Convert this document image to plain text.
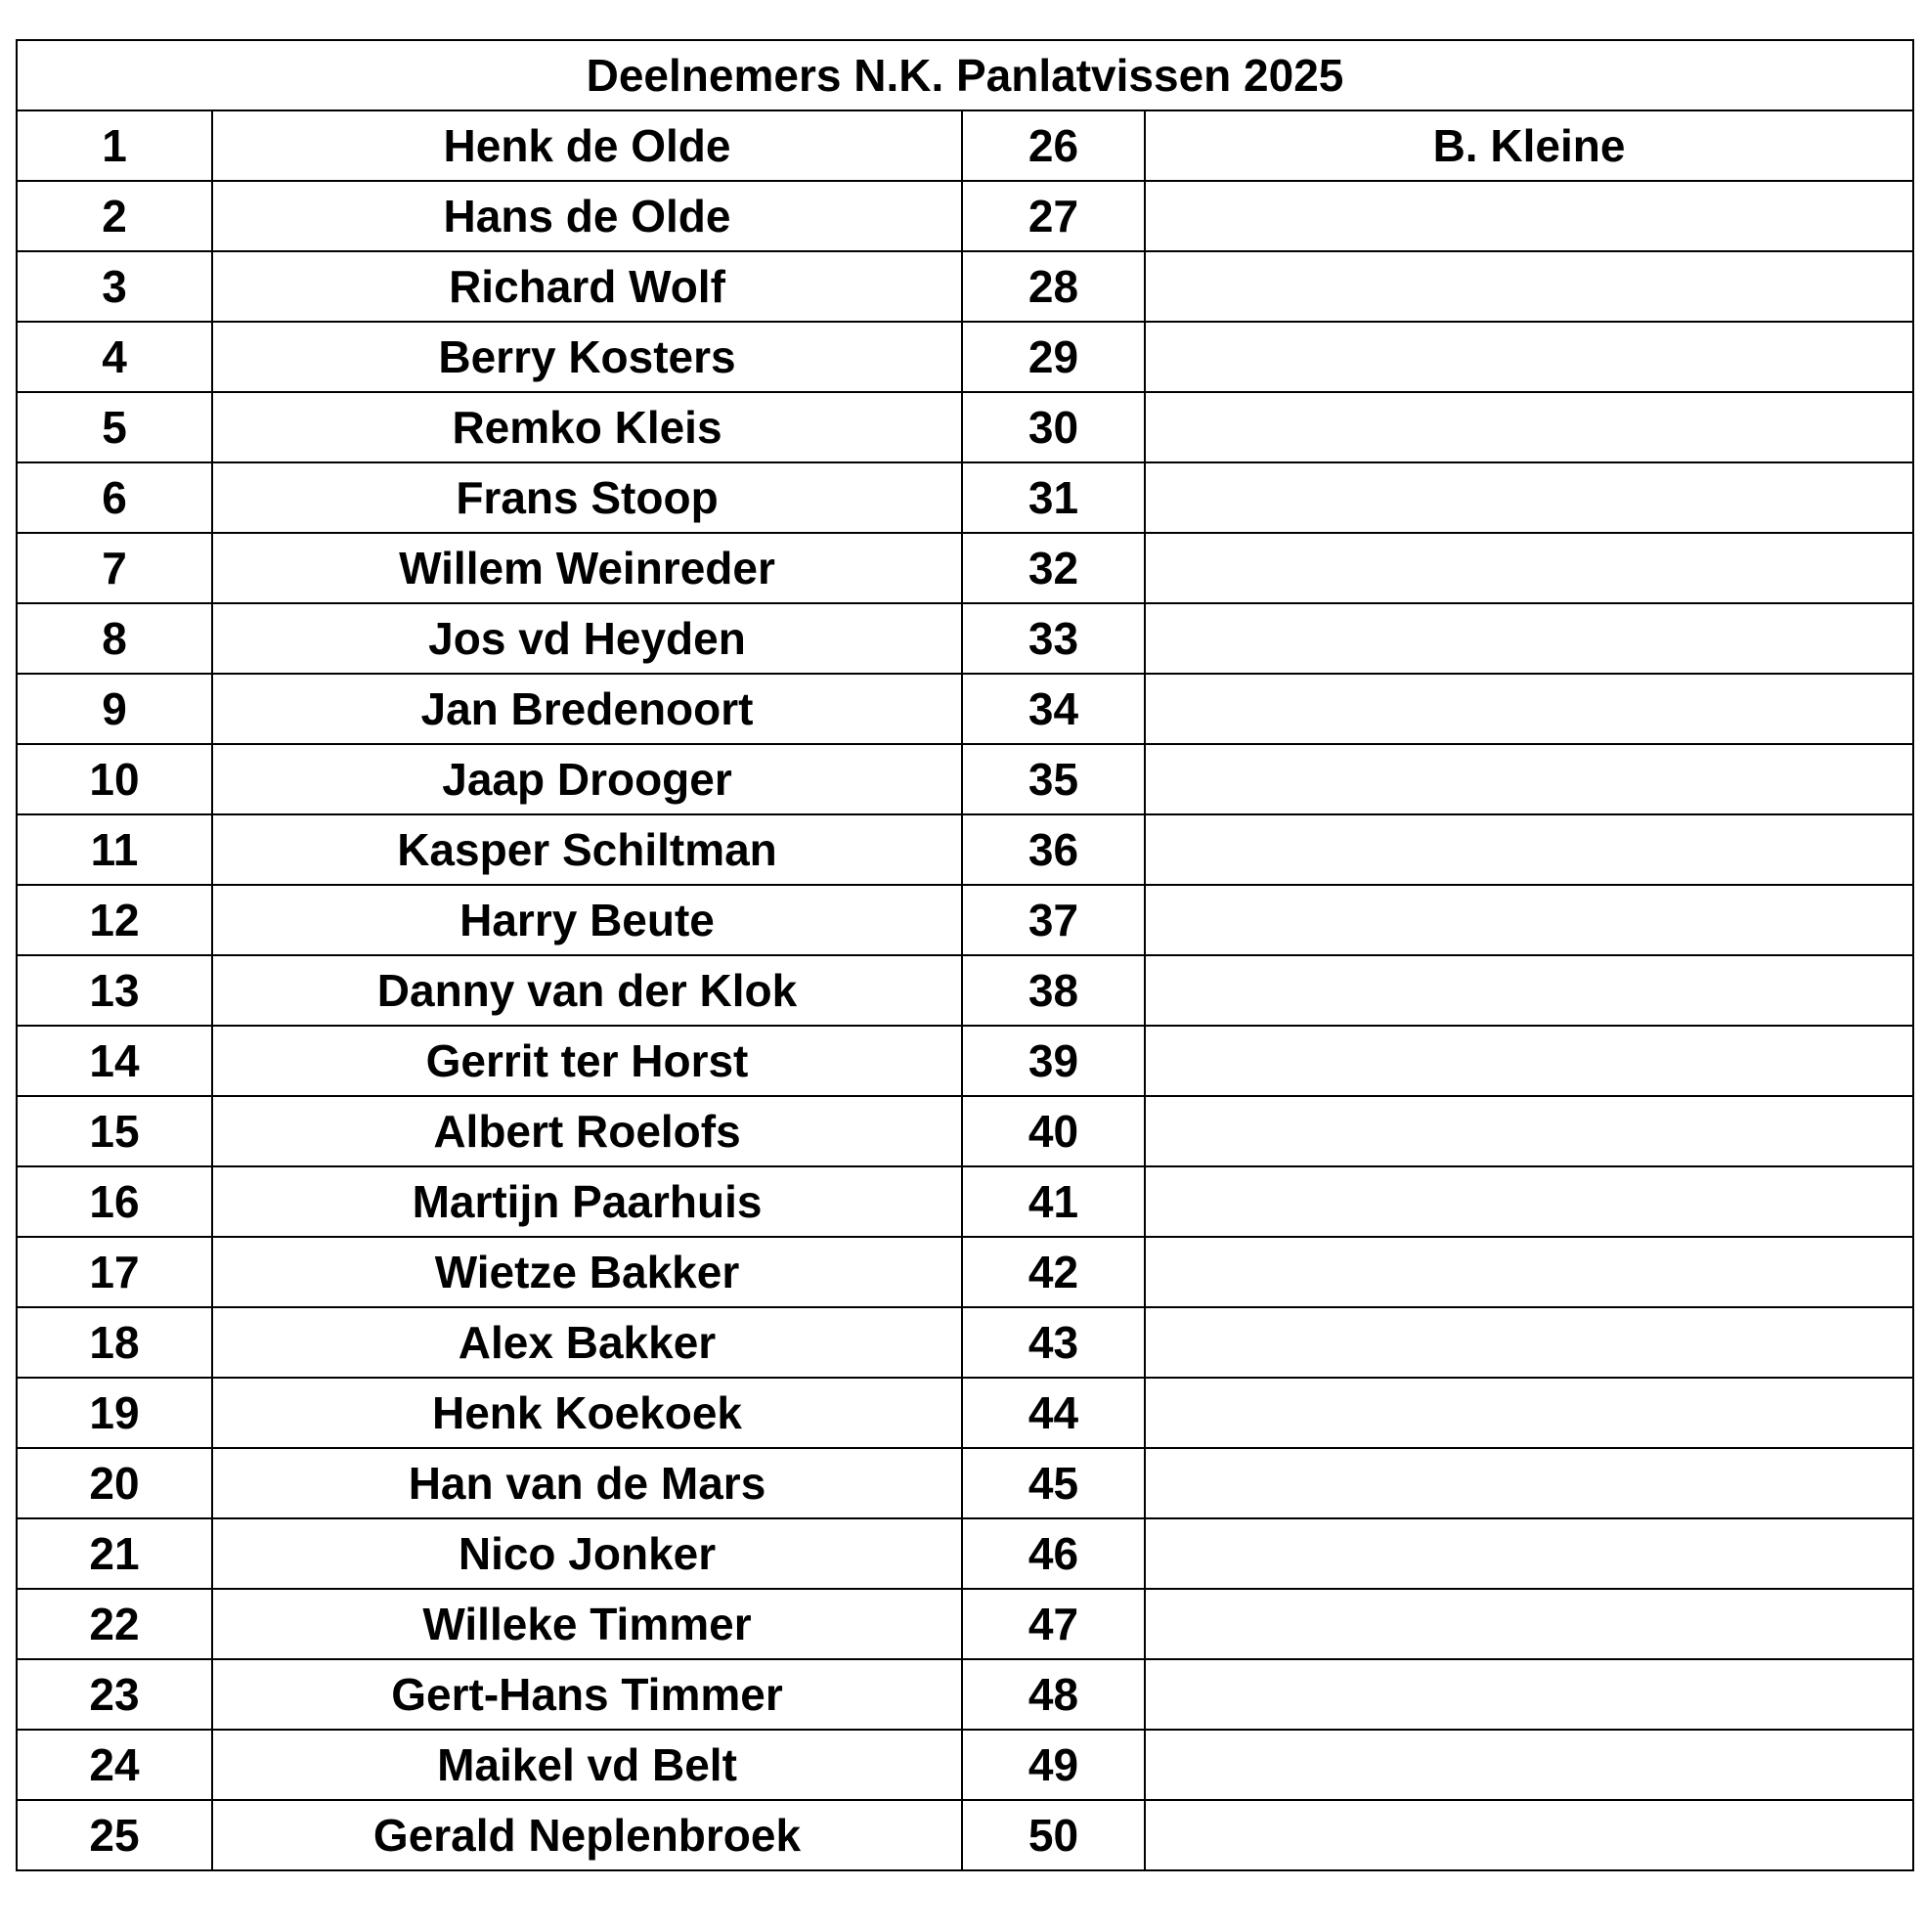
Deelnemers N.K. Panlatvissen 2025			
1	Henk de Olde	26	B. Kleine
2	Hans de Olde	27	
3	Richard Wolf	28	
4	Berry Kosters	29	
5	Remko Kleis	30	
6	Frans Stoop	31	
7	Willem Weinreder	32	
8	Jos vd Heyden	33	
9	Jan Bredenoort	34	
10	Jaap Drooger	35	
11	Kasper Schiltman	36	
12	Harry Beute	37	
13	Danny van der Klok	38	
14	Gerrit ter Horst	39	
15	Albert Roelofs	40	
16	Martijn Paarhuis	41	
17	Wietze Bakker	42	
18	Alex Bakker	43	
19	Henk Koekoek	44	
20	Han van de Mars	45	
21	Nico Jonker	46	
22	Willeke Timmer	47	
23	Gert-Hans Timmer	48	
24	Maikel vd Belt	49	
25	Gerald Neplenbroek	50	
